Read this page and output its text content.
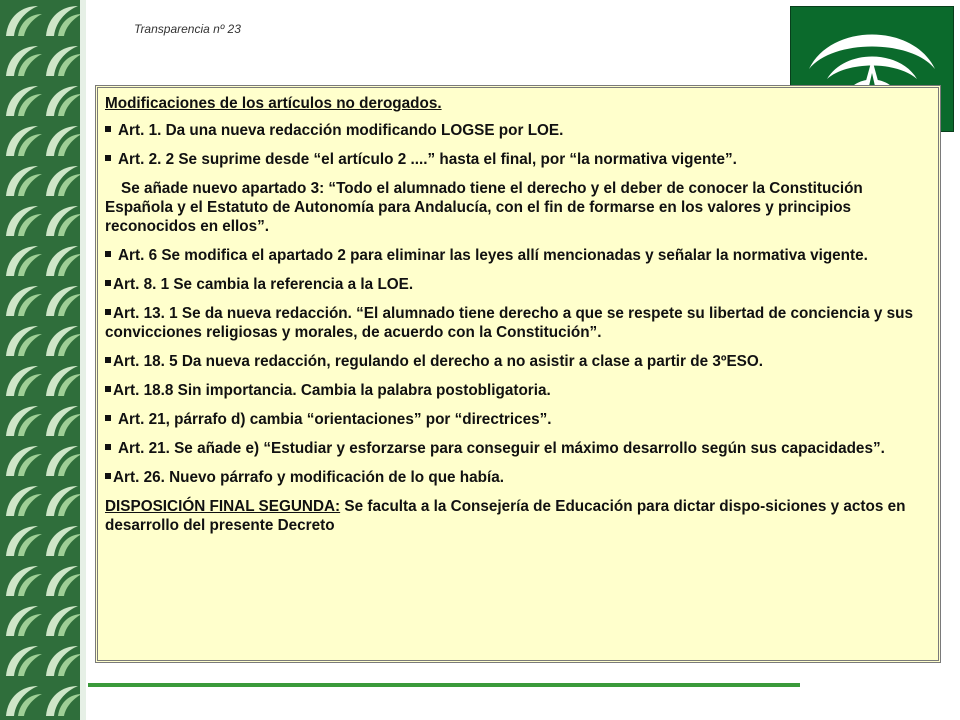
Transparencia nº 23

Modificaciones de los artículos no derogados.

Art. 1. Da una nueva redacción modificando LOGSE por LOE.

Art. 2. 2 Se suprime desde “el artículo 2 ....” hasta el final, por “la normativa vigente”.

Se añade nuevo apartado 3: “Todo el alumnado tiene el derecho y el deber de conocer la Constitución Española y el Estatuto de Autonomía para Andalucía, con el fin de formarse en los valores y principios reconocidos en ellos”.

Art. 6 Se modifica el apartado 2 para eliminar las leyes allí mencionadas y señalar la normativa vigente.

Art. 8. 1 Se cambia la referencia a la LOE.

Art. 13. 1 Se da nueva redacción. “El alumnado tiene derecho a que se respete su libertad de conciencia y sus convicciones religiosas y morales, de acuerdo con la Constitución”.

Art. 18. 5 Da nueva redacción, regulando el derecho a no asistir a clase a partir de 3ºESO.

Art. 18.8 Sin importancia. Cambia la palabra postobligatoria.

Art. 21, párrafo d) cambia “orientaciones” por “directrices”.

Art. 21. Se añade e) “Estudiar y esforzarse para conseguir el máximo desarrollo según sus capacidades”.

Art. 26. Nuevo párrafo y modificación de lo que había.

DISPOSICIÓN FINAL SEGUNDA: Se faculta a la Consejería de Educación para dictar dispo-siciones y actos en desarrollo del presente Decreto
